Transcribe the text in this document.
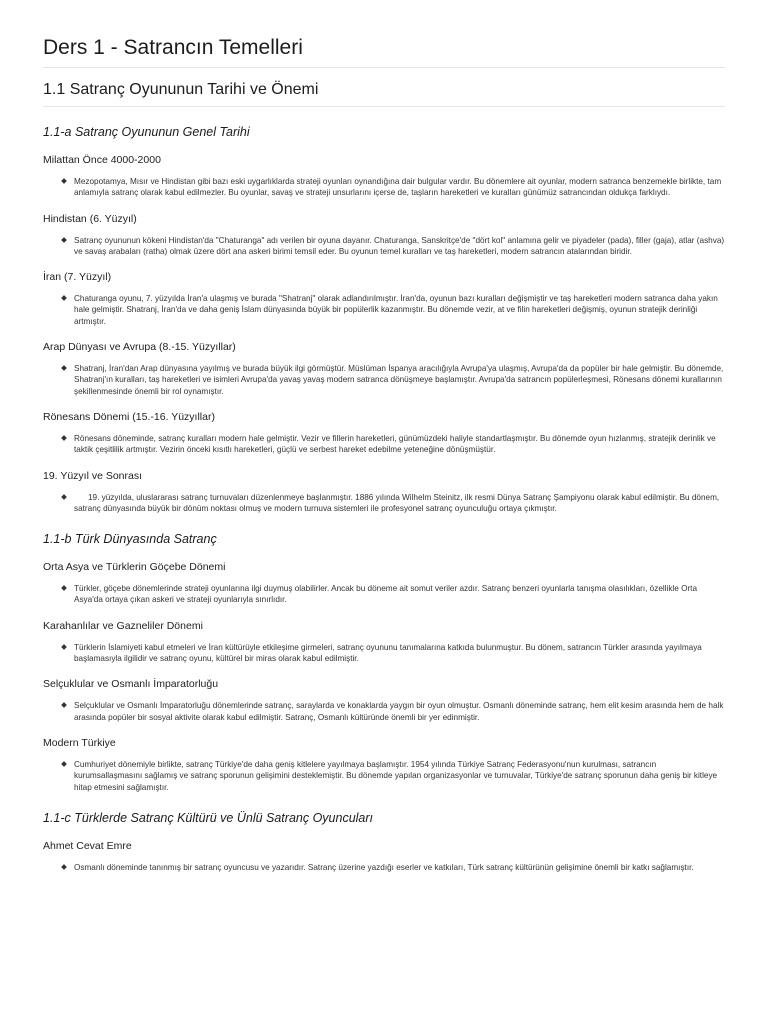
Ders 1 - Satrancın Temelleri
1.1 Satranç Oyununun Tarihi ve Önemi
1.1-a Satranç Oyununun Genel Tarihi
Milattan Önce 4000-2000
Mezopotamya, Mısır ve Hindistan gibi bazı eski uygarlıklarda strateji oyunları oynandığına dair bulgular vardır. Bu dönemlere ait oyunlar, modern satranca benzemekle birlikte, tam anlamıyla satranç olarak kabul edilmezler. Bu oyunlar, savaş ve strateji unsurlarını içerse de, taşların hareketleri ve kuralları günümüz satrancından oldukça farklıydı.
Hindistan (6. Yüzyıl)
Satranç oyununun kökeni Hindistan'da "Chaturanga" adı verilen bir oyuna dayanır. Chaturanga, Sanskritçe'de "dört kol" anlamına gelir ve piyadeler (pada), filler (gaja), atlar (ashva) ve savaş arabaları (ratha) olmak üzere dört ana askeri birimi temsil eder. Bu oyunun temel kuralları ve taş hareketleri, modern satrancın atalarından biridir.
İran (7. Yüzyıl)
Chaturanga oyunu, 7. yüzyılda İran'a ulaşmış ve burada "Shatranj" olarak adlandırılmıştır. İran'da, oyunun bazı kuralları değişmiştir ve taş hareketleri modern satranca daha yakın hale gelmiştir. Shatranj, İran'da ve daha geniş İslam dünyasında büyük bir popülerlik kazanmıştır. Bu dönemde vezir, at ve filin hareketleri değişmiş, oyunun stratejik derinliği artmıştır.
Arap Dünyası ve Avrupa (8.-15. Yüzyıllar)
Shatranj, İran'dan Arap dünyasına yayılmış ve burada büyük ilgi görmüştür. Müslüman İspanya aracılığıyla Avrupa'ya ulaşmış, Avrupa'da da popüler bir hale gelmiştir. Bu dönemde, Shatranj'ın kuralları, taş hareketleri ve isimleri Avrupa'da yavaş yavaş modern satranca dönüşmeye başlamıştır. Avrupa'da satrancın popülerleşmesi, Rönesans dönemi kurallarının şekillenmesinde önemli bir rol oynamıştır.
Rönesans Dönemi (15.-16. Yüzyıllar)
Rönesans döneminde, satranç kuralları modern hale gelmiştir. Vezir ve fillerin hareketleri, günümüzdeki haliyle standartlaşmıştır. Bu dönemde oyun hızlanmış, stratejik derinlik ve taktik çeşitlilik artmıştır. Vezirin önceki kısıtlı hareketleri, güçlü ve serbest hareket edebilme yeteneğine dönüşmüştür.
19. Yüzyıl ve Sonrası
19. yüzyılda, uluslararası satranç turnuvaları düzenlenmeye başlanmıştır. 1886 yılında Wilhelm Steinitz, ilk resmi Dünya Satranç Şampiyonu olarak kabul edilmiştir. Bu dönem, satranç dünyasında büyük bir dönüm noktası olmuş ve modern turnuva sistemleri ile profesyonel satranç oyunculuğu ortaya çıkmıştır.
1.1-b Türk Dünyasında Satranç
Orta Asya ve Türklerin Göçebe Dönemi
Türkler, göçebe dönemlerinde strateji oyunlarına ilgi duymuş olabilirler. Ancak bu döneme ait somut veriler azdır. Satranç benzeri oyunlarla tanışma olasılıkları, özellikle Orta Asya'da ortaya çıkan askeri ve strateji oyunlarıyla sınırlıdır.
Karahanlılar ve Gazneliler Dönemi
Türklerin İslamiyeti kabul etmeleri ve İran kültürüyle etkileşime girmeleri, satranç oyununu tanımalarına katkıda bulunmuştur. Bu dönem, satrancın Türkler arasında yayılmaya başlamasıyla ilgilidir ve satranç oyunu, kültürel bir miras olarak kabul edilmiştir.
Selçuklular ve Osmanlı İmparatorluğu
Selçuklular ve Osmanlı İmparatorluğu dönemlerinde satranç, saraylarda ve konaklarda yaygın bir oyun olmuştur. Osmanlı döneminde satranç, hem elit kesim arasında hem de halk arasında popüler bir sosyal aktivite olarak kabul edilmiştir. Satranç, Osmanlı kültüründe önemli bir yer edinmiştir.
Modern Türkiye
Cumhuriyet dönemiyle birlikte, satranç Türkiye'de daha geniş kitlelere yayılmaya başlamıştır. 1954 yılında Türkiye Satranç Federasyonu'nun kurulması, satrancın kurumsallaşmasını sağlamış ve satranç sporunun gelişimini desteklemiştir. Bu dönemde yapılan organizasyonlar ve turnuvalar, Türkiye'de satranç sporunun daha geniş bir kitleye hitap etmesini sağlamıştır.
1.1-c Türklerde Satranç Kültürü ve Ünlü Satranç Oyuncuları
Ahmet Cevat Emre
Osmanlı döneminde tanınmış bir satranç oyuncusu ve yazarıdır. Satranç üzerine yazdığı eserler ve katkıları, Türk satranç kültürünün gelişimine önemli bir katkı sağlamıştır.
